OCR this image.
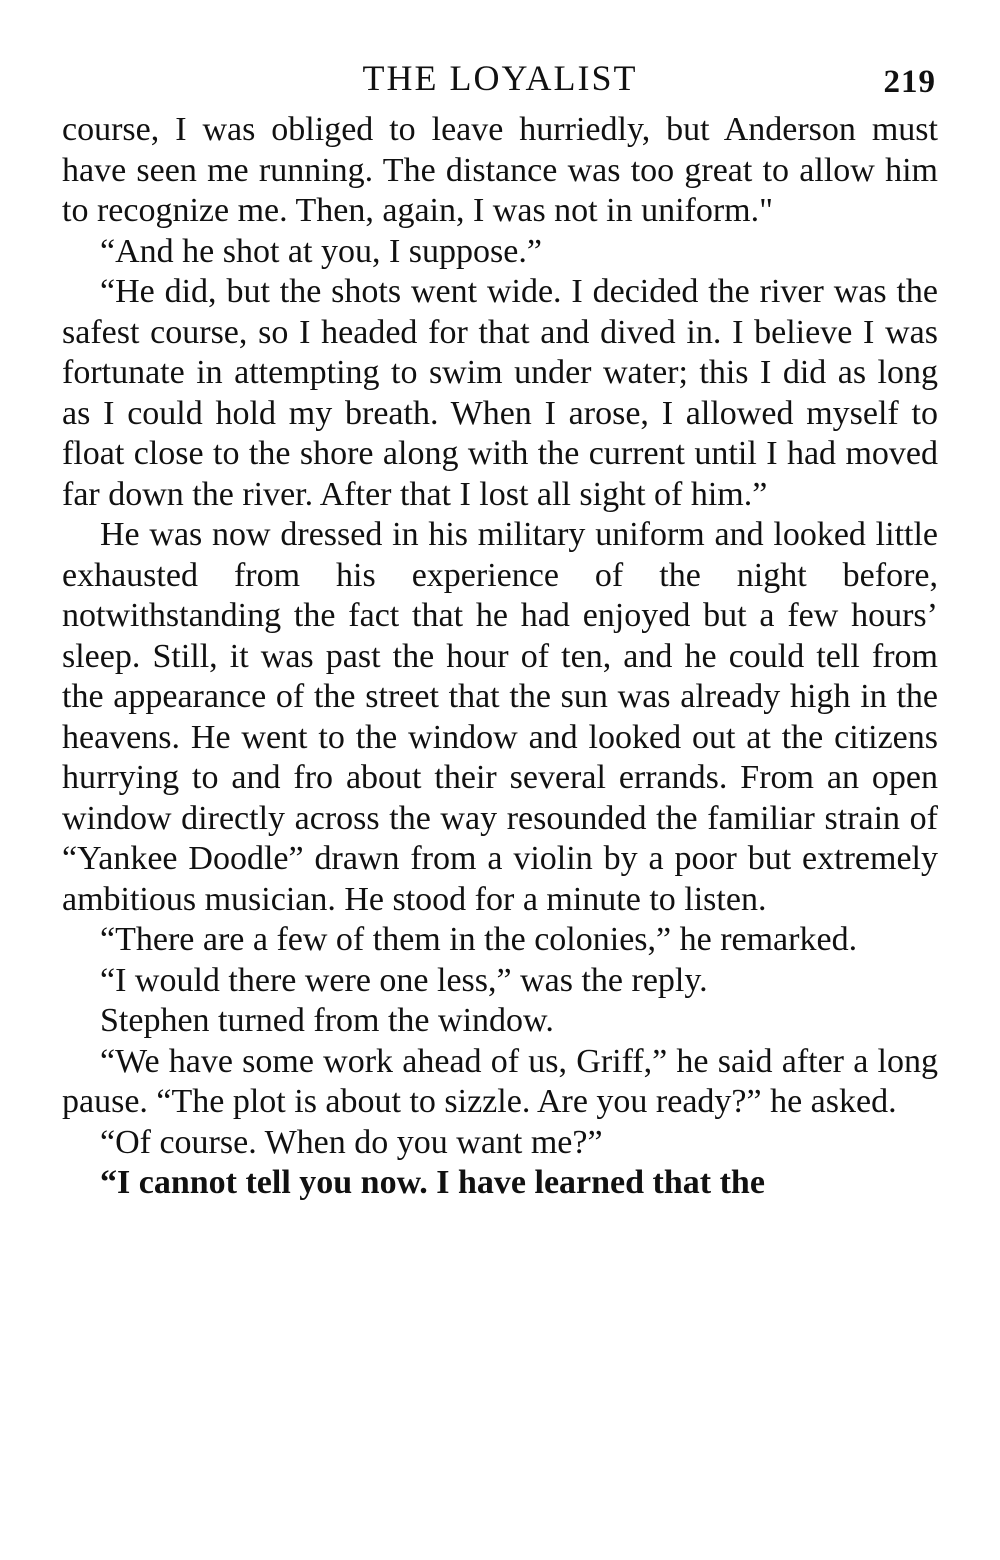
THE LOYALIST	219

course, I was obliged to leave hurriedly, but Anderson must have seen me running. The distance was too great to allow him to recognize me. Then, again, I was not in uniform."

“And he shot at you, I suppose.”

“He did, but the shots went wide. I decided the river was the safest course, so I headed for that and dived in. I believe I was fortunate in attempting to swim under water; this I did as long as I could hold my breath. When I arose, I allowed myself to float close to the shore along with the current until I had moved far down the river. After that I lost all sight of him.”

He was now dressed in his military uniform and looked little exhausted from his experience of the night before, notwithstanding the fact that he had enjoyed but a few hours’ sleep. Still, it was past the hour of ten, and he could tell from the appearance of the street that the sun was already high in the heavens. He went to the window and looked out at the citizens hurrying to and fro about their several errands. From an open window directly across the way resounded the familiar strain of “Yankee Doodle” drawn from a violin by a poor but extremely ambitious musician. He stood for a minute to listen.

“There are a few of them in the colonies,” he remarked.

“I would there were one less,” was the reply.

Stephen turned from the window.

“We have some work ahead of us, Griff,” he said after a long pause. “The plot is about to sizzle. Are you ready?” he asked.

“Of course. When do you want me?”

“I cannot tell you now. I have learned that the
